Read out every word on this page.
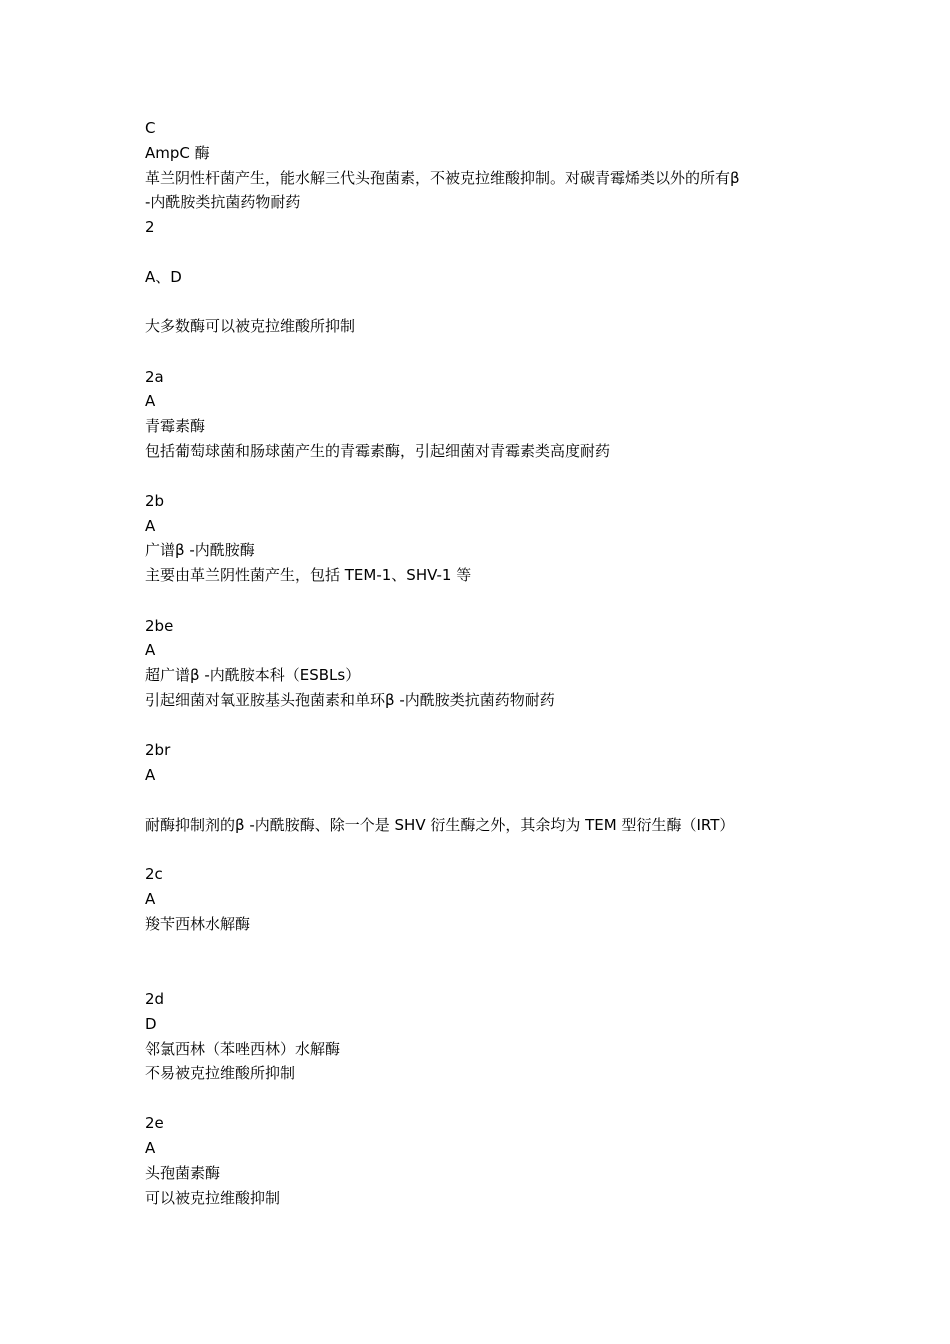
C
AmpC 酶
革兰阴性杆菌产生，能水解三代头孢菌素，不被克拉维酸抑制。对碳青霉烯类以外的所有β
-内酰胺类抗菌药物耐药
2
A、D
大多数酶可以被克拉维酸所抑制
2a
A
青霉素酶
包括葡萄球菌和肠球菌产生的青霉素酶，引起细菌对青霉素类高度耐药
2b
A
广谱β -内酰胺酶
主要由革兰阴性菌产生，包括 TEM-1、SHV-1 等
2be
A
超广谱β -内酰胺本科（ESBLs）
引起细菌对氧亚胺基头孢菌素和单环β -内酰胺类抗菌药物耐药
2br
A
耐酶抑制剂的β -内酰胺酶、除一个是 SHV 衍生酶之外，其余均为 TEM 型衍生酶（IRT）
2c
A
羧苄西林水解酶
2d
D
邻氯西林（苯唑西林）水解酶
不易被克拉维酸所抑制
2e
A
头孢菌素酶
可以被克拉维酸抑制
